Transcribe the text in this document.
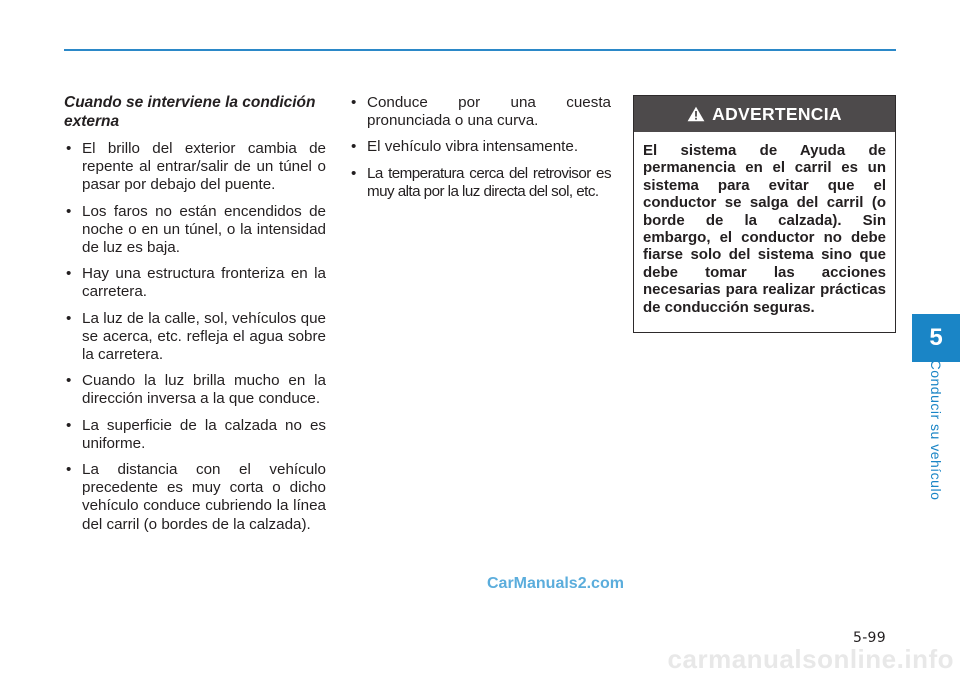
Cuando se interviene la condición externa
• El brillo del exterior cambia de repente al entrar/salir de un túnel o pasar por debajo del puente.
• Los faros no están encendidos de noche o en un túnel, o la intensidad de luz es baja.
• Hay una estructura fronteriza en la carretera.
• La luz de la calle, sol, vehículos que se acerca, etc. refleja el agua sobre la carretera.
• Cuando la luz brilla mucho en la dirección inversa a la que conduce.
• La superficie de la calzada no es uniforme.
• La distancia con el vehículo precedente es muy corta o dicho vehículo conduce cubriendo la línea del carril (o bordes de la calzada).
• Conduce por una cuesta pronunciada o una curva.
• El vehículo vibra intensamente.
• La temperatura cerca del retrovisor es muy alta por la luz directa del sol, etc.
ADVERTENCIA
El sistema de Ayuda de permanencia en el carril es un sistema para evitar que el conductor se salga del carril (o borde de la calzada). Sin embargo, el conductor no debe fiarse solo del sistema sino que debe tomar las acciones necesarias para realizar prácticas de conducción seguras.
5
Conducir su vehículo
CarManuals2.com
5-99
carmanualsonline.info
